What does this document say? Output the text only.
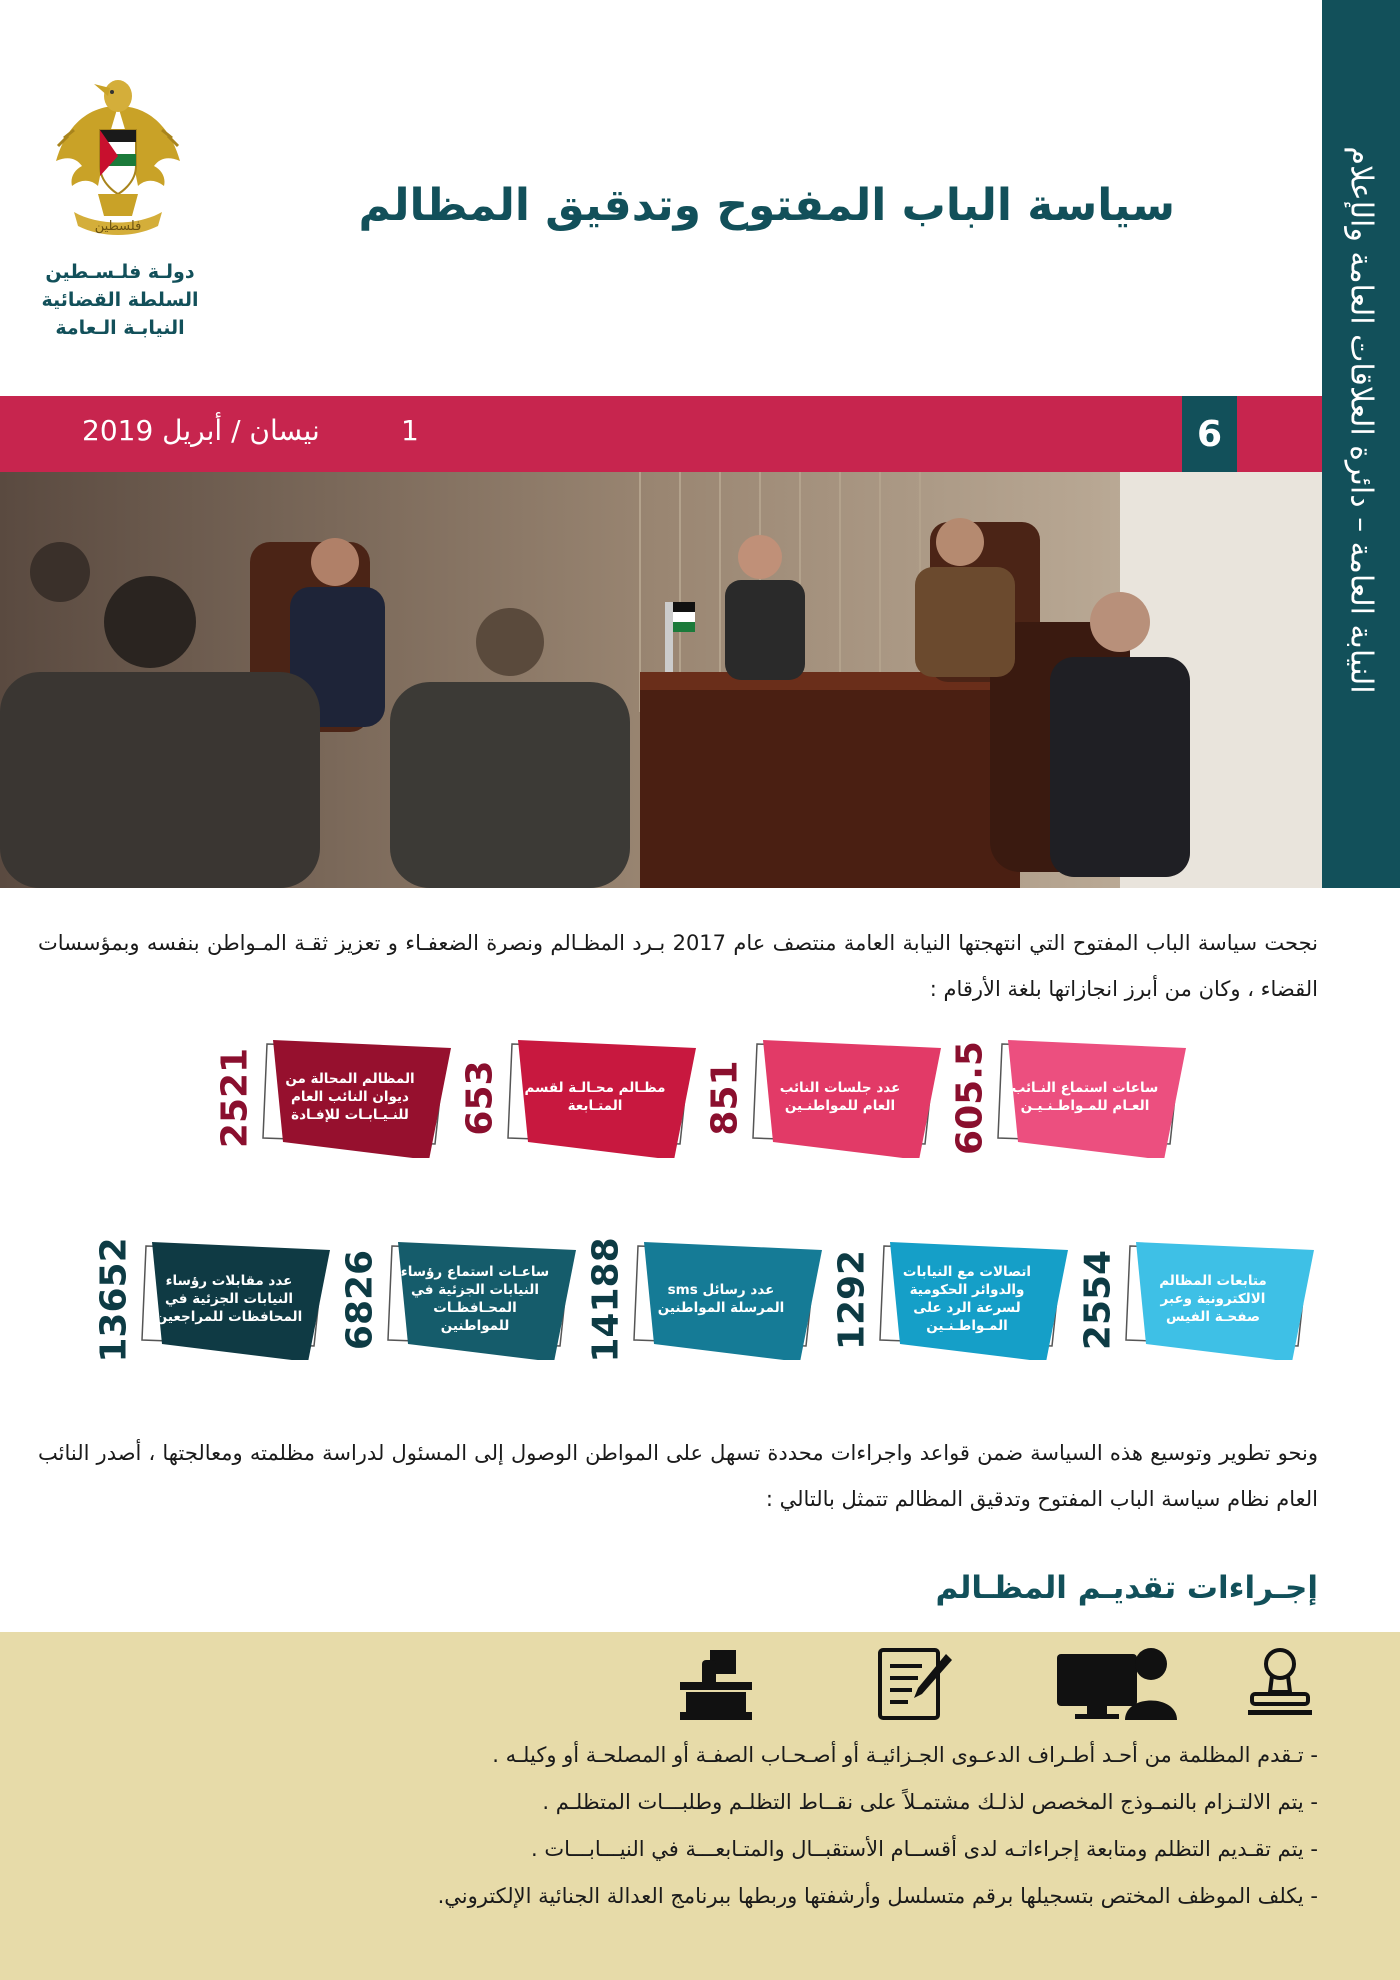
النيابة العامة – دائرة العلاقات العامة والإعلام
فلسطين
دولـة فلـسـطين
السلطة القضائية
النيابـة الـعامة
سياسة الباب المفتوح وتدقيق المظالم
6
نيسان / أبريل 2019	1
نجحت سياسة الباب المفتوح التي انتهجتها النيابة العامة منتصف عام 2017 بـرد المظـالم ونصرة الضعفـاء و تعزيز ثقـة المـواطن بنفسه وبمؤسسات القضاء ، وكان من أبرز انجازاتها بلغة الأرقام :
605.5 ساعات استماع النـائب العـام للمـواطـنـيـن
851	عدد جلسات النائب العام للمواطنـين
653	مظـالم محـالـة لقسم المتـابعة
2521	المظالم المحالة من ديوان النائب العام للنـيـابـات للإفـادة
2554	متابعات المظالم الالكترونية وعبر صفحـة الفيس
1292	اتصالات مع النيابات والدوائر الحكومية لسرعة الرد على المـواطـنـين
14188	عدد رسائل sms المرسلة المواطنين
6826 ساعـات استماع رؤساء النيابات الجزئية في المحـافظـات للمواطنين
13652	عدد مقابلات رؤساء النيابات الجزئية في المحافظات للمراجعين
ونحو تطوير وتوسيع هذه السياسة ضمن قواعد واجراءات محددة تسهل على المواطن الوصول إلى المسئول لدراسة مظلمته ومعالجتها ، أصدر النائب العام نظام سياسة الباب المفتوح وتدقيق المظالم تتمثل بالتالي :
إجـراءات تقديـم المظـالم
- تـقدم المظلمة من أحـد أطـراف الدعـوى الجـزائيـة أو أصـحـاب الصفـة أو المصلحـة أو وكيلـه .
- يتم الالتـزام بالنمـوذج المخصص لذلـك مشتمـلاً على نقــاط التظلـم وطلبـــات المتظلـم .
- يتم تقـديم التظلم ومتابعة إجراءاتـه لدى أقســام الأستقبــال والمتـابعـــة في النيـــابـــات .
- يكلف الموظف المختص بتسجيلها برقم متسلسل وأرشفتها وربطها ببرنامج العدالة الجنائية الإلكتروني.
